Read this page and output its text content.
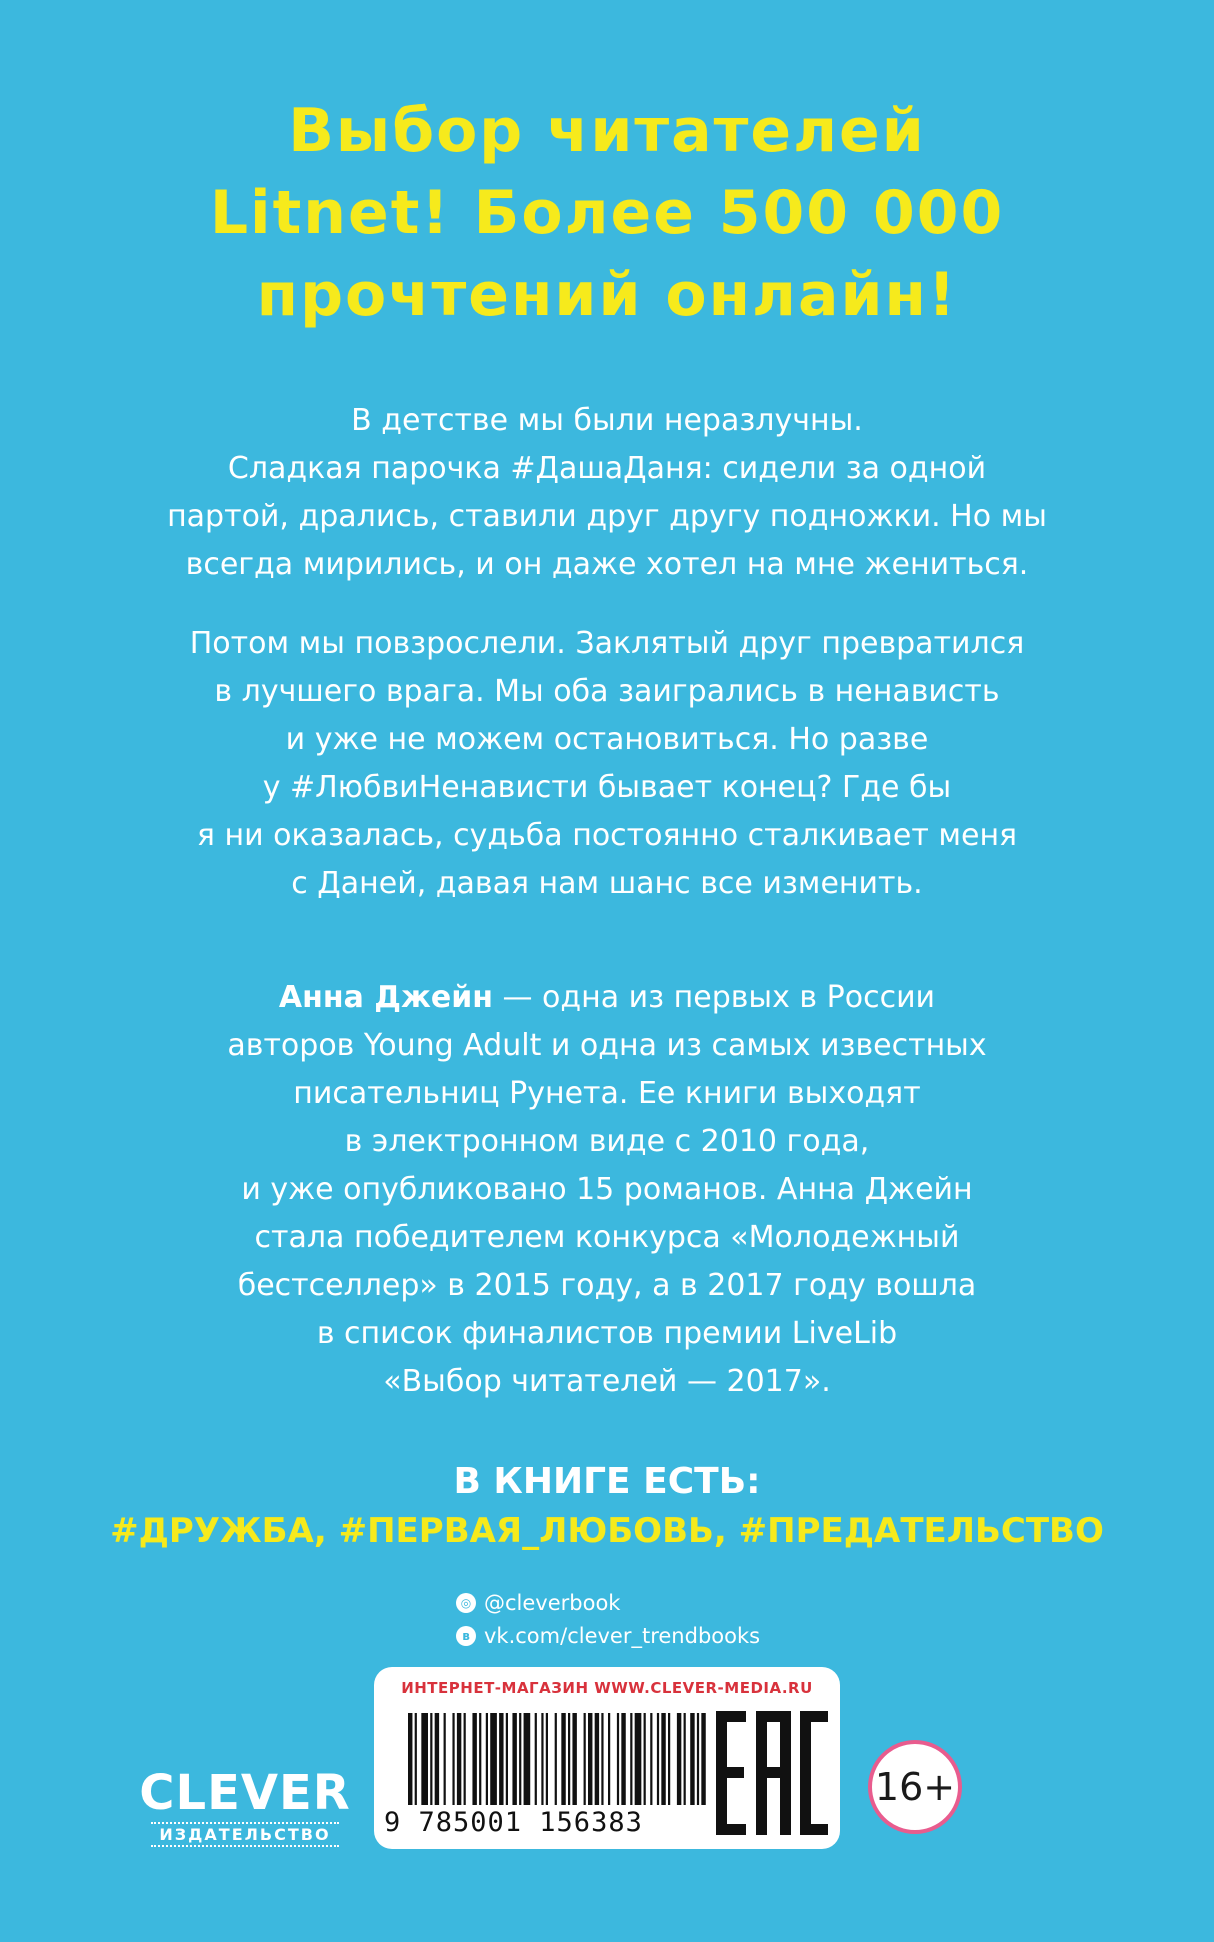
Выбор читателей
Litnet! Более 500 000
прочтений онлайн!
В детстве мы были неразлучны.
Сладкая парочка #ДашаДаня: сидели за одной
партой, дрались, ставили друг другу подножки. Но мы
всегда мирились, и он даже хотел на мне жениться.
Потом мы повзрослели. Заклятый друг превратился
в лучшего врага. Мы оба заигрались в ненависть
и уже не можем остановиться. Но разве
у #ЛюбвиНенависти бывает конец? Где бы
я ни оказалась, судьба постоянно сталкивает меня
с Даней, давая нам шанс все изменить.
Анна Джейн — одна из первых в России
авторов Young Adult и одна из самых известных
писательниц Рунета. Ее книги выходят
в электронном виде с 2010 года,
и уже опубликовано 15 романов. Анна Джейн
стала победителем конкурса «Молодежный
бестселлер» в 2015 году, а в 2017 году вошла
в список финалистов премии LiveLib
«Выбор читателей — 2017».
В КНИГЕ ЕСТЬ:
#ДРУЖБА, #ПЕРВАЯ_ЛЮБОВЬ, #ПРЕДАТЕЛЬСТВО
◎ @cleverbook
в vk.com/clever_trendbooks
ИНТЕРНЕТ-МАГАЗИН WWW.CLEVER-MEDIA.RU
9 785001 156383
16+
CLEVER
ИЗДАТЕЛЬСТВО
